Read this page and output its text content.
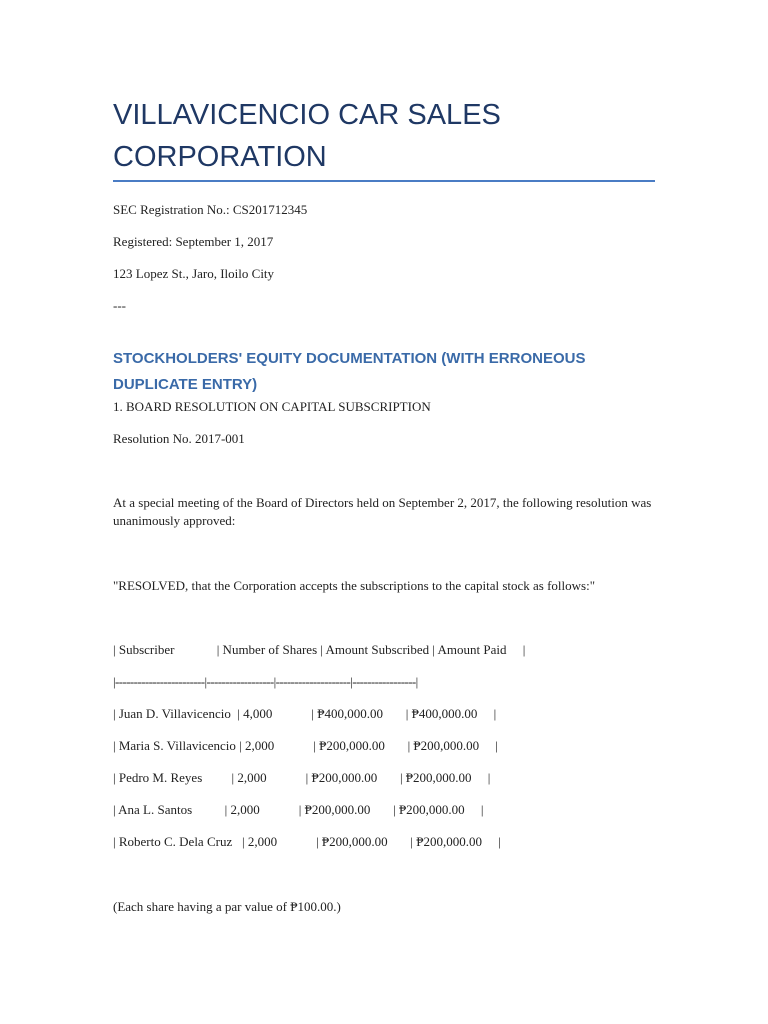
VILLAVICENCIO CAR SALES CORPORATION
SEC Registration No.: CS201712345
Registered: September 1, 2017
123 Lopez St., Jaro, Iloilo City
---
STOCKHOLDERS' EQUITY DOCUMENTATION (WITH ERRONEOUS DUPLICATE ENTRY)
1. BOARD RESOLUTION ON CAPITAL SUBSCRIPTION
Resolution No. 2017-001
At a special meeting of the Board of Directors held on September 2, 2017, the following resolution was unanimously approved:
"RESOLVED, that the Corporation accepts the subscriptions to the capital stock as follows:"
| Subscriber             | Number of Shares | Amount Subscribed | Amount Paid     |
|------------------------|------------------|--------------------|-----------------|
| Juan D. Villavicencio  | 4,000            | ₱400,000.00       | ₱400,000.00     |
| Maria S. Villavicencio | 2,000            | ₱200,000.00       | ₱200,000.00     |
| Pedro M. Reyes         | 2,000            | ₱200,000.00       | ₱200,000.00     |
| Ana L. Santos          | 2,000            | ₱200,000.00       | ₱200,000.00     |
| Roberto C. Dela Cruz   | 2,000            | ₱200,000.00       | ₱200,000.00     |
(Each share having a par value of ₱100.00.)
